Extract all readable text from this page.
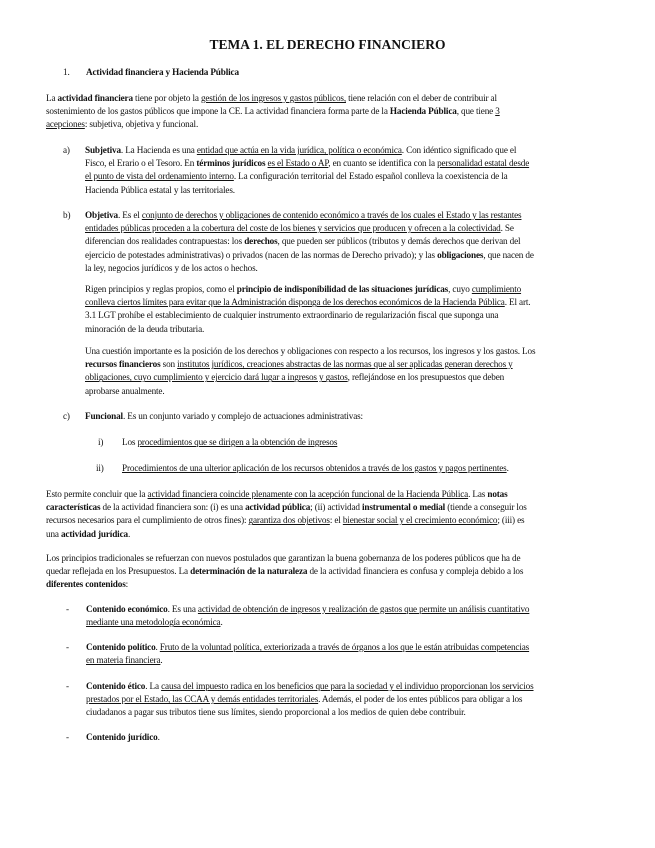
TEMA 1. EL DERECHO FINANCIERO
1. Actividad financiera y Hacienda Pública
La actividad financiera tiene por objeto la gestión de los ingresos y gastos públicos, tiene relación con el deber de contribuir al
sostenimiento de los gastos públicos que impone la CE. La actividad financiera forma parte de la Hacienda Pública, que tiene 3
acepciones: subjetiva, objetiva y funcional.
a) Subjetiva. La Hacienda es una entidad que actúa en la vida jurídica, política o económica. Con idéntico significado que el
Fisco, el Erario o el Tesoro. En términos jurídicos es el Estado o AP, en cuanto se identifica con la personalidad estatal desde
el punto de vista del ordenamiento interno. La configuración territorial del Estado español conlleva la coexistencia de la
Hacienda Pública estatal y las territoriales.
b) Objetiva. Es el conjunto de derechos y obligaciones de contenido económico a través de los cuales el Estado y las restantes
entidades públicas proceden a la cobertura del coste de los bienes y servicios que producen y ofrecen a la colectividad. Se
diferencian dos realidades contrapuestas: los derechos, que pueden ser públicos (tributos y demás derechos que derivan del
ejercicio de potestades administrativas) o privados (nacen de las normas de Derecho privado); y las obligaciones, que nacen de
la ley, negocios jurídicos y de los actos o hechos.
Rigen principios y reglas propios, como el principio de indisponibilidad de las situaciones jurídicas, cuyo cumplimiento
conlleva ciertos límites para evitar que la Administración disponga de los derechos económicos de la Hacienda Pública. El art.
3.1 LGT prohíbe el establecimiento de cualquier instrumento extraordinario de regularización fiscal que suponga una
minoración de la deuda tributaria.
Una cuestión importante es la posición de los derechos y obligaciones con respecto a los recursos, los ingresos y los gastos. Los
recursos financieros son institutos jurídicos, creaciones abstractas de las normas que al ser aplicadas generan derechos y
obligaciones, cuyo cumplimiento y ejercicio dará lugar a ingresos y gastos, reflejándose en los presupuestos que deben
aprobarse anualmente.
c) Funcional. Es un conjunto variado y complejo de actuaciones administrativas:
i) Los procedimientos que se dirigen a la obtención de ingresos
ii) Procedimientos de una ulterior aplicación de los recursos obtenidos a través de los gastos y pagos pertinentes.
Esto permite concluir que la actividad financiera coincide plenamente con la acepción funcional de la Hacienda Pública. Las notas
características de la actividad financiera son: (i) es una actividad pública; (ii) actividad instrumental o medial (tiende a conseguir los
recursos necesarios para el cumplimiento de otros fines): garantiza dos objetivos: el bienestar social y el crecimiento económico; (iii) es
una actividad jurídica.
Los principios tradicionales se refuerzan con nuevos postulados que garantizan la buena gobernanza de los poderes públicos que ha de
quedar reflejada en los Presupuestos. La determinación de la naturaleza de la actividad financiera es confusa y compleja debido a los
diferentes contenidos:
- Contenido económico. Es una actividad de obtención de ingresos y realización de gastos que permite un análisis cuantitativo
mediante una metodología económica.
- Contenido político. Fruto de la voluntad política, exteriorizada a través de órganos a los que le están atribuidas competencias
en materia financiera.
- Contenido ético. La causa del impuesto radica en los beneficios que para la sociedad y el individuo proporcionan los servicios
prestados por el Estado, las CCAA y demás entidades territoriales. Además, el poder de los entes públicos para obligar a los
ciudadanos a pagar sus tributos tiene sus límites, siendo proporcional a los medios de quien debe contribuir.
- Contenido jurídico.
